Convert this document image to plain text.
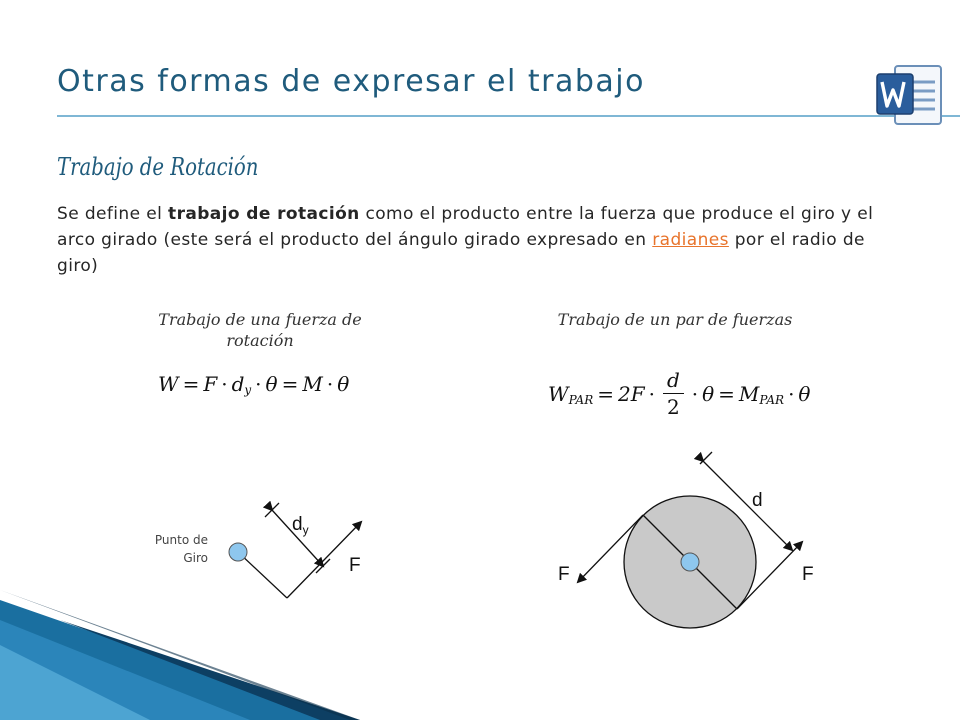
Otras formas de expresar el trabajo
Trabajo de Rotación

Se define el trabajo de rotación como el producto entre la fuerza que produce el giro y el arco girado (este será el producto del ángulo girado expresado en radianes por el radio de giro)

Trabajo de una fuerza de rotación

Trabajo de un par de fuerzas

W = F · d y · θ = M · θ	W PAR = $2F \cdot \frac{d}{2} \cdot \theta = M$ PAR · θ
Punto de Giro
$d_y$
F
d
F	F
